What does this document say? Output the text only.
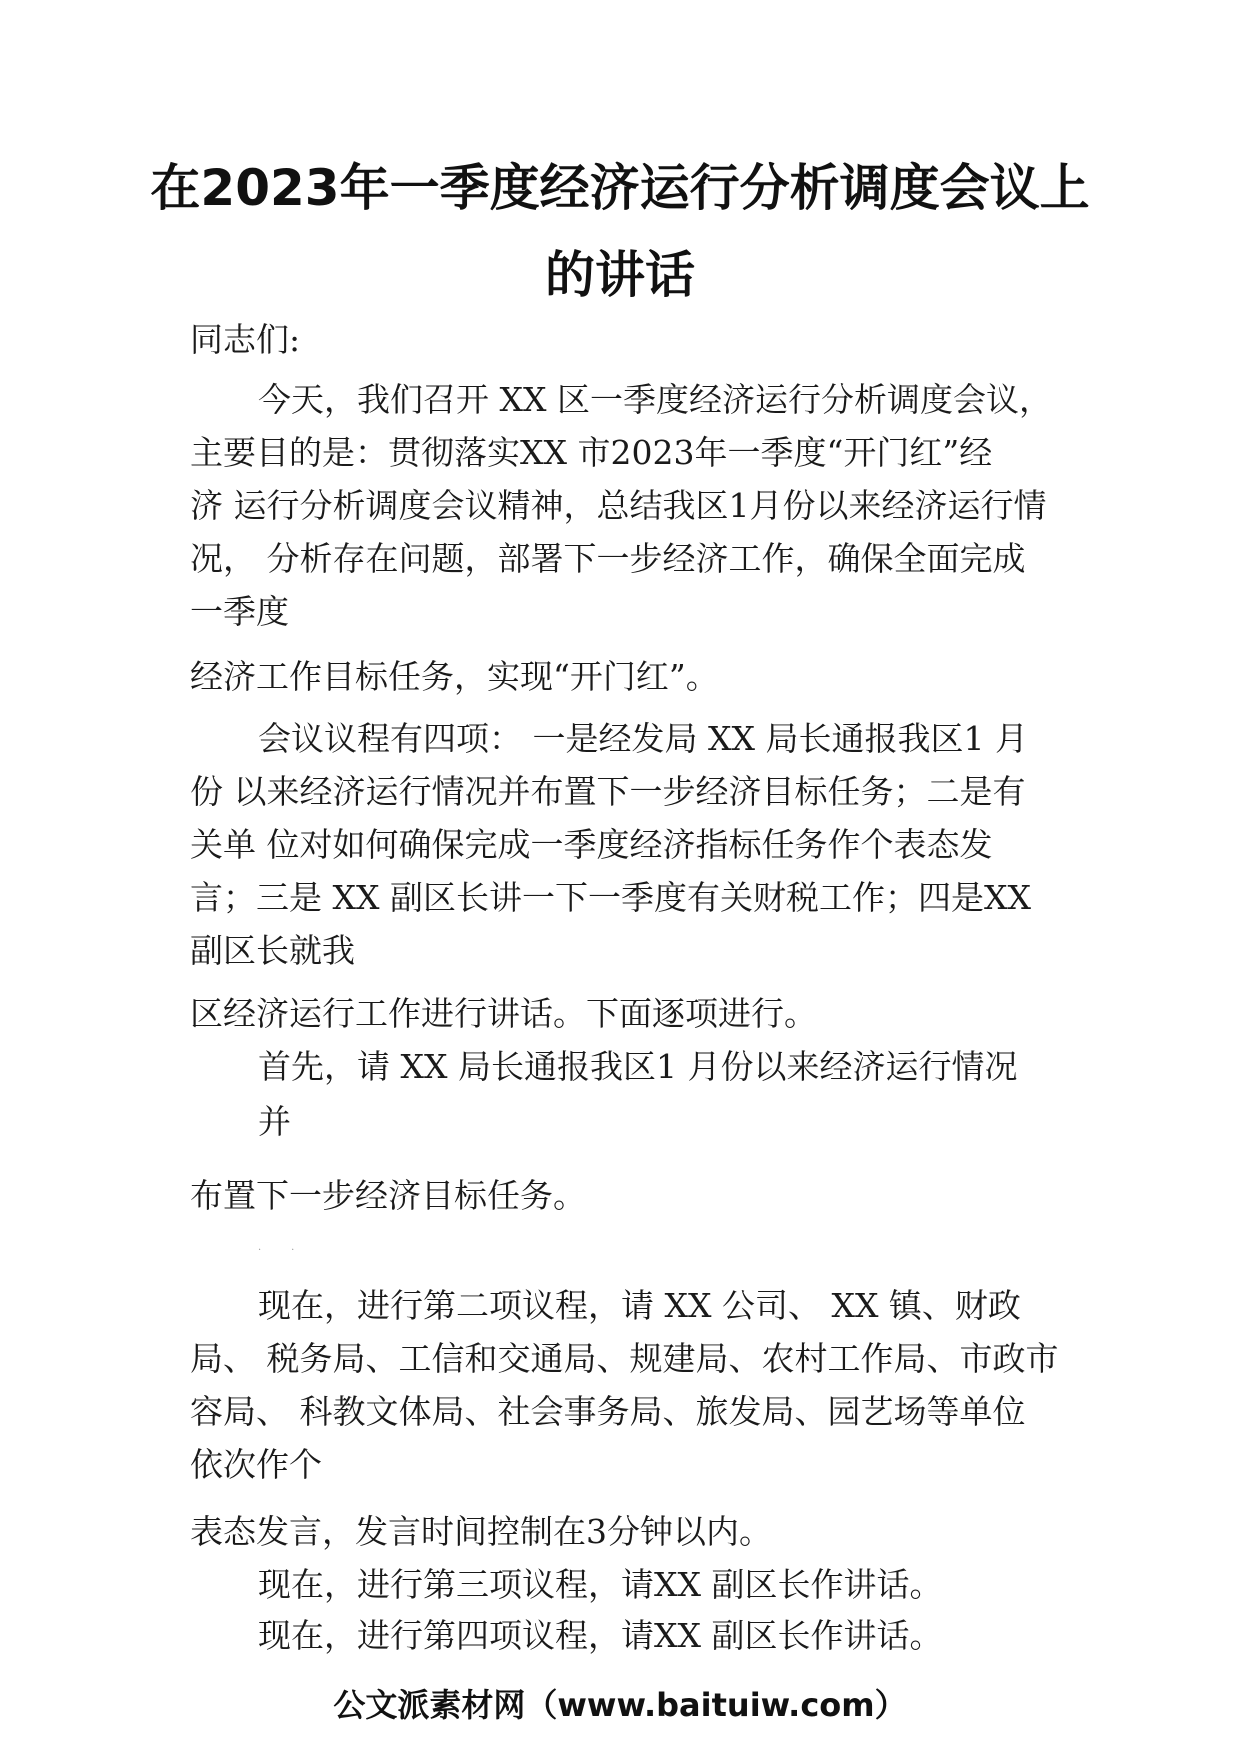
在2023年一季度经济运行分析调度会议上
的讲话

同志们:

今天，我们召开 XX 区一季度经济运行分析调度会议，

主要目的是：贯彻落实XX 市2023年一季度“开门红”经

济 运行分析调度会议精神，总结我区1月份以来经济运行情

况， 分析存在问题，部署下一步经济工作，确保全面完成

一季度

经济工作目标任务，实现“开门红”。

会议议程有四项： 一是经发局 XX 局长通报我区1 月

份 以来经济运行情况并布置下一步经济目标任务；二是有

关单 位对如何确保完成一季度经济指标任务作个表态发

言；三是 XX 副区长讲一下一季度有关财税工作；四是XX

副区长就我

区经济运行工作进行讲话。下面逐项进行。

首先，请 XX 局长通报我区1 月份以来经济运行情况

并

布置下一步经济目标任务。

..

现在，进行第二项议程，请 XX 公司、 XX 镇、财政

局、 税务局、工信和交通局、规建局、农村工作局、市政市

容局、 科教文体局、社会事务局、旅发局、园艺场等单位

依次作个

表态发言，发言时间控制在3分钟以内。

现在，进行第三项议程，请XX 副区长作讲话。

现在，进行第四项议程，请XX 副区长作讲话。

公文派素材网（www.baituiw.com）
